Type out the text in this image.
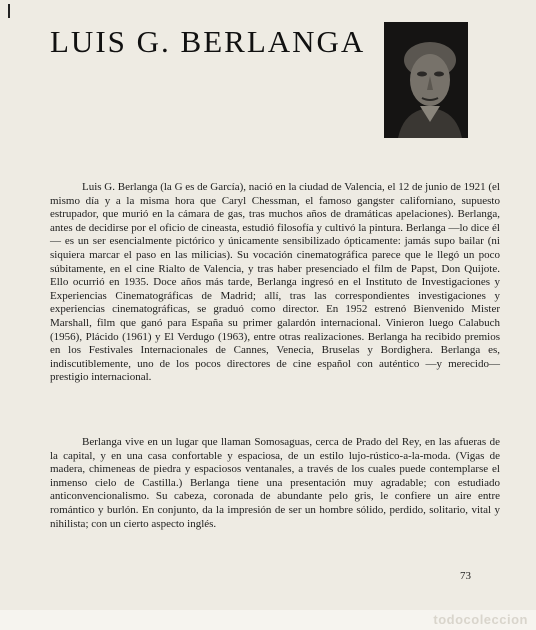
LUIS G. BERLANGA

Luis G. Berlanga (la G es de García), nació en la ciudad de Valencia, el 12 de junio de 1921 (el mismo día y a la misma hora que Caryl Chessman, el famoso gangster californiano, supuesto estrupador, que murió en la cámara de gas, tras muchos años de dramáticas apelaciones). Berlanga, antes de decidirse por el oficio de cineasta, estudió filosofía y cultivó la pintura. Berlanga —lo dice él— es un ser esencialmente pictórico y únicamente sensibilizado ópticamente: jamás supo bailar (ni siquiera marcar el paso en las milicias). Su vocación cinematográfica parece que le llegó un poco súbitamente, en el cine Rialto de Valencia, y tras haber presenciado el film de Papst, Don Quijote. Ello ocurrió en 1935. Doce años más tarde, Berlanga ingresó en el Instituto de Investigaciones y Experiencias Cinematográficas de Madrid; allí, tras las correspondientes investigaciones y experiencias cinematográficas, se graduó como director. En 1952 estrenó Bienvenido Mister Marshall, film que ganó para España su primer galardón internacional. Vinieron luego Calabuch (1956), Plácido (1961) y El Verdugo (1963), entre otras realizaciones. Berlanga ha recibido premios en los Festivales Internacionales de Cannes, Venecia, Bruselas y Bordighera. Berlanga es, indiscutiblemente, uno de los pocos directores de cine español con auténtico —y merecido— prestigio internacional.

Berlanga vive en un lugar que llaman Somosaguas, cerca de Prado del Rey, en las afueras de la capital, y en una casa confortable y espaciosa, de un estilo lujo-rústico-a-la-moda. (Vigas de madera, chimeneas de piedra y espaciosos ventanales, a través de los cuales puede contemplarse el inmenso cielo de Castilla.) Berlanga tiene una presentación muy agradable; con estudiado anticonvencionalismo. Su cabeza, coronada de abundante pelo gris, le confiere un aire entre romántico y burlón. En conjunto, da la impresión de ser un hombre sólido, perdido, solitario, vital y nihilista; con un cierto aspecto inglés.

73
todocoleccion
